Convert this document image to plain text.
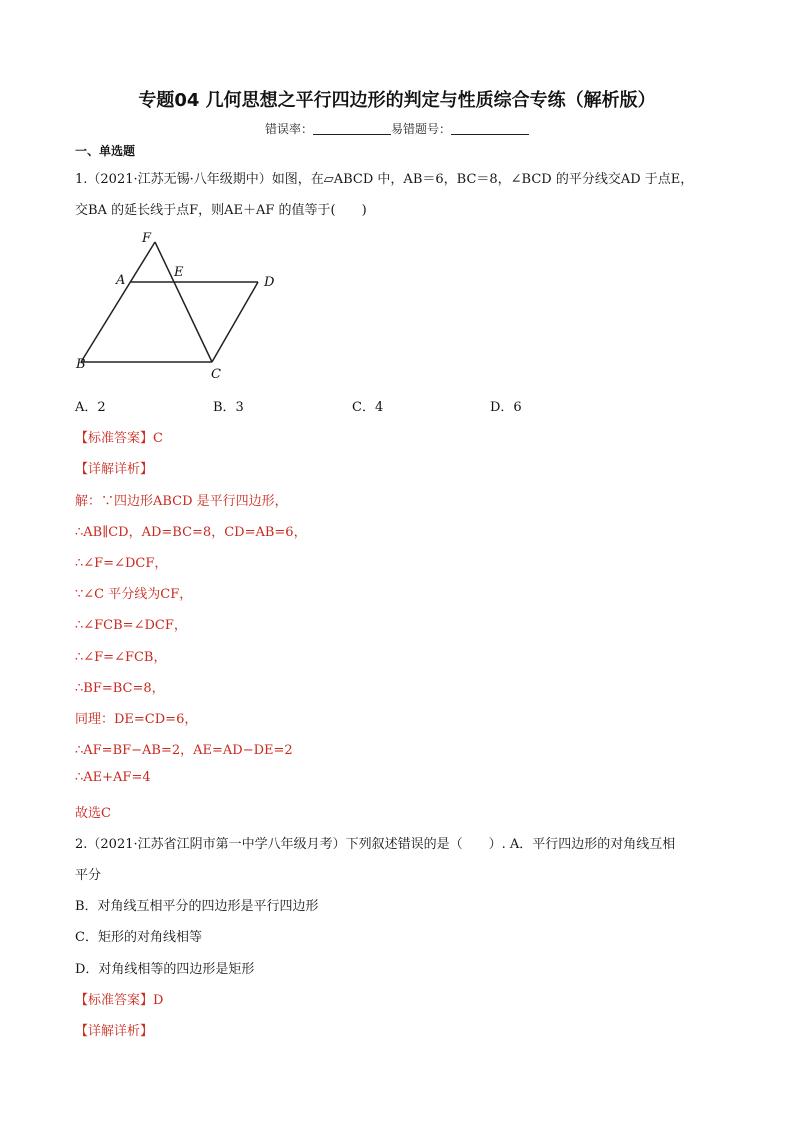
专题04 几何思想之平行四边形的判定与性质综合专练（解析版）
错误率：	易错题号：
一、单选题
1.（2021·江苏无锡·八年级期中）如图，在▱ABCD 中，AB＝6，BC＝8，∠BCD 的平分线交AD 于点E，
交BA 的延长线于点F，则AE＋AF 的值等于(　　)
F
A
E
D
B
C
A．2	B．3	C．4	D．6
【标准答案】C
【详解详析】
解：∵四边形ABCD 是平行四边形，
∴AB∥CD，AD=BC=8，CD=AB=6，
∴∠F=∠DCF，
∵∠C 平分线为CF，
∴∠FCB=∠DCF，
∴∠F=∠FCB，
∴BF=BC=8，
同理：DE=CD=6，
∴AF=BF−AB=2，AE=AD−DE=2
∴AE+AF=4
故选C
2.（2021·江苏省江阴市第一中学八年级月考）下列叙述错误的是（　　）. A．平行四边形的对角线互相
平分
B．对角线互相平分的四边形是平行四边形
C．矩形的对角线相等
D．对角线相等的四边形是矩形
【标准答案】D
【详解详析】
